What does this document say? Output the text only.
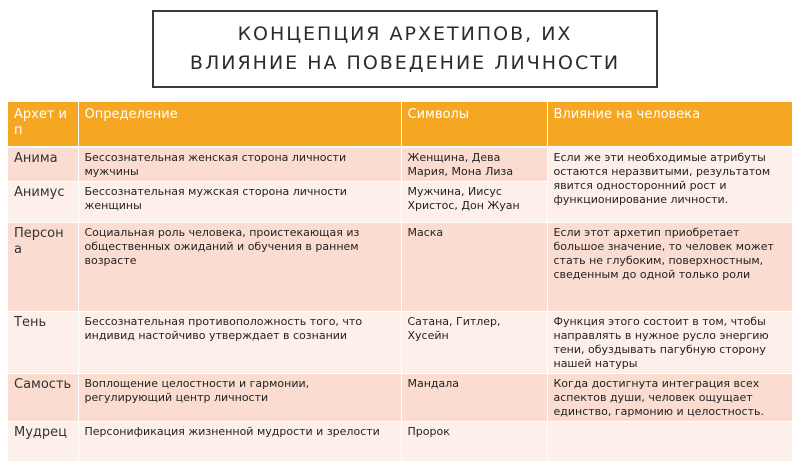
КОНЦЕПЦИЯ АРХЕТИПОВ, ИХ
ВЛИЯНИЕ НА ПОВЕДЕНИЕ ЛИЧНОСТИ
Архет ип	Определение	Символы	Влияние на человека
Анима	Бессознательная женская сторона личности мужчины	Женщина, Дева Мария, Мона Лиза	Если же эти необходимые атрибуты остаются неразвитыми, результатом явится односторонний рост и функционирование личности.
Анимус	Бессознательная мужская сторона личности женщины	Мужчина, Иисус Христос, Дон Жуан	
Персона	Социальная роль человека, проистекающая из общественных ожиданий и обучения в раннем возрасте	Маска	Если этот архетип приобретает большое значение, то человек может стать не глубоким, поверхностным, сведенным до одной только роли
Тень	Бессознательная противоположность того, что индивид настойчиво утверждает в сознании	Сатана, Гитлер, Хусейн	Функция этого состоит в том, чтобы направлять в нужное русло энергию тени, обуздывать пагубную сторону нашей натуры
Самость	Воплощение целостности и гармонии, регулирующий центр личности	Мандала	Когда достигнута интеграция всех аспектов души, человек ощущает единство, гармонию и целостность.
Мудрец	Персонификация жизненной мудрости и зрелости	Пророк	
